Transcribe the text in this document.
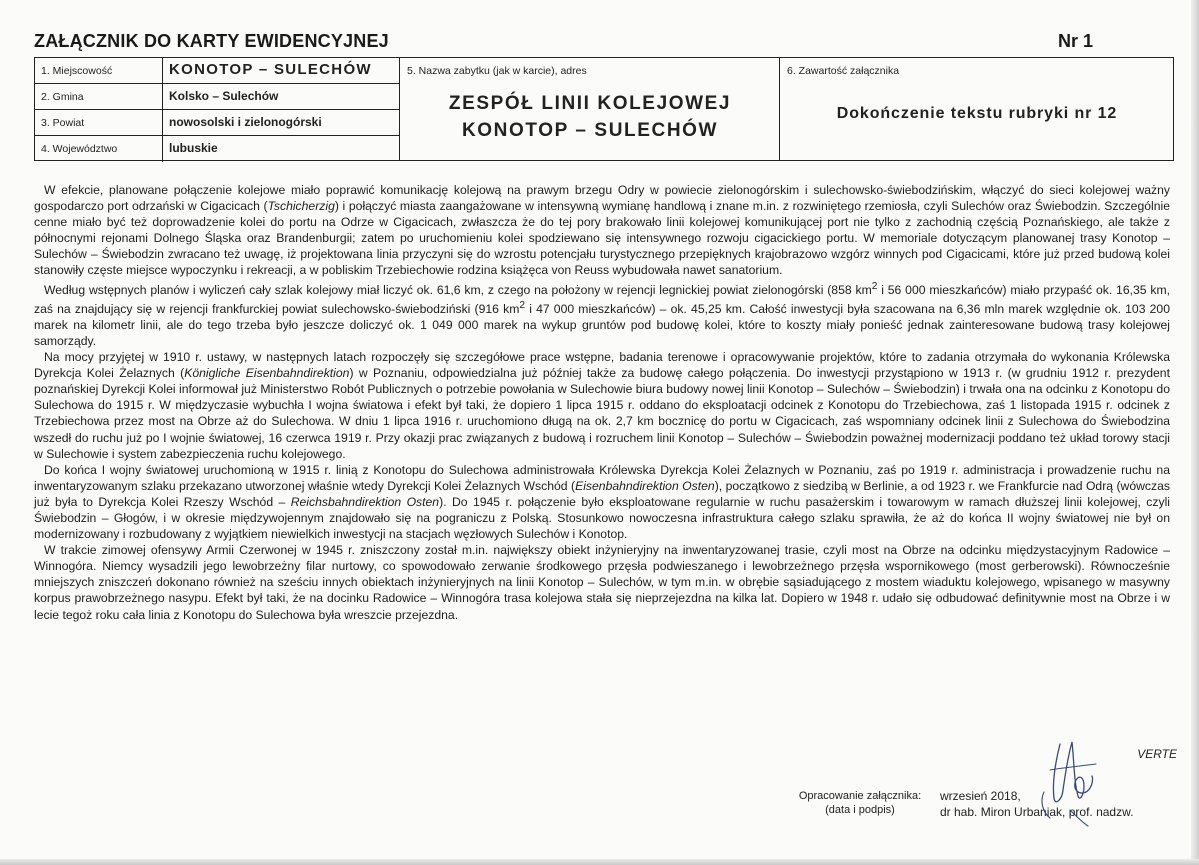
ZAŁĄCZNIK DO KARTY EWIDENCYJNEJ	Nr 1
1. Miejscowość	KONOTOP – SULECHÓW
2. Gmina	Kolsko – Sulechów
3. Powiat	nowosolski i zielonogórski
4. Województwo	lubuskie
5. Nazwa zabytku (jak w karcie), adres
ZESPÓŁ LINII KOLEJOWEJ
KONOTOP – SULECHÓW
6. Zawartość załącznika
Dokończenie tekstu rubryki nr 12

W efekcie, planowane połączenie kolejowe miało poprawić komunikację kolejową na prawym brzegu Odry w powiecie zielonogórskim i sulechowsko-świebodzińskim, włączyć do sieci kolejowej ważny gospodarczo port odrzański w Cigacicach (Tschicherzig) i połączyć miasta zaangażowane w intensywną wymianę handlową i znane m.in. z rozwiniętego rzemiosła, czyli Sulechów oraz Świebodzin. Szczególnie cenne miało być też doprowadzenie kolei do portu na Odrze w Cigacicach, zwłaszcza że do tej pory brakowało linii kolejowej komunikującej port nie tylko z zachodnią częścią Poznańskiego, ale także z północnymi rejonami Dolnego Śląska oraz Brandenburgii; zatem po uruchomieniu kolei spodziewano się intensywnego rozwoju cigacickiego portu. W memoriale dotyczącym planowanej trasy Konotop – Sulechów – Świebodzin zwracano też uwagę, iż projektowana linia przyczyni się do wzrostu potencjału turystycznego przepięknych krajobrazowo wzgórz winnych pod Cigacicami, które już przed budową kolei stanowiły częste miejsce wypoczynku i rekreacji, a w pobliskim Trzebiechowie rodzina książęca von Reuss wybudowała nawet sanatorium.

Według wstępnych planów i wyliczeń cały szlak kolejowy miał liczyć ok. 61,6 km, z czego na położony w rejencji legnickiej powiat zielonogórski (858 $km^2$ i 56 000 mieszkańców) miało przypaść ok. 16,35 km, zaś na znajdujący się w rejencji frankfurckiej powiat sulechowsko-świebodziński (916 $km^2$ i 47 000 mieszkańców) – ok. 45,25 km. Całość inwestycji była szacowana na 6,36 mln marek względnie ok. 103 200 marek na kilometr linii, ale do tego trzeba było jeszcze doliczyć ok. 1 049 000 marek na wykup gruntów pod budowę kolei, które to koszty miały ponieść jednak zainteresowane budową trasy kolejowej samorządy.

Na mocy przyjętej w 1910 r. ustawy, w następnych latach rozpoczęły się szczegółowe prace wstępne, badania terenowe i opracowywanie projektów, które to zadania otrzymała do wykonania Królewska Dyrekcja Kolei Żelaznych (Königliche Eisenbahndirektion) w Poznaniu, odpowiedzialna już później także za budowę całego połączenia. Do inwestycji przystąpiono w 1913 r. (w grudniu 1912 r. prezydent poznańskiej Dyrekcji Kolei informował już Ministerstwo Robót Publicznych o potrzebie powołania w Sulechowie biura budowy nowej linii Konotop – Sulechów – Świebodzin) i trwała ona na odcinku z Konotopu do Sulechowa do 1915 r. W międzyczasie wybuchła I wojna światowa i efekt był taki, że dopiero 1 lipca 1915 r. oddano do eksploatacji odcinek z Konotopu do Trzebiechowa, zaś 1 listopada 1915 r. odcinek z Trzebiechowa przez most na Obrze aż do Sulechowa. W dniu 1 lipca 1916 r. uruchomiono długą na ok. 2,7 km bocznicę do portu w Cigacicach, zaś wspomniany odcinek linii z Sulechowa do Świebodzina wszedł do ruchu już po I wojnie światowej, 16 czerwca 1919 r. Przy okazji prac związanych z budową i rozruchem linii Konotop – Sulechów – Świebodzin poważnej modernizacji poddano też układ torowy stacji w Sulechowie i system zabezpieczenia ruchu kolejowego.

Do końca I wojny światowej uruchomioną w 1915 r. linią z Konotopu do Sulechowa administrowała Królewska Dyrekcja Kolei Żelaznych w Poznaniu, zaś po 1919 r. administracja i prowadzenie ruchu na inwentaryzowanym szlaku przekazano utworzonej właśnie wtedy Dyrekcji Kolei Żelaznych Wschód (Eisenbahndirektion Osten), początkowo z siedzibą w Berlinie, a od 1923 r. we Frankfurcie nad Odrą (wówczas już była to Dyrekcja Kolei Rzeszy Wschód – Reichsbahndirektion Osten). Do 1945 r. połączenie było eksploatowane regularnie w ruchu pasażerskim i towarowym w ramach dłuższej linii kolejowej, czyli Świebodzin – Głogów, i w okresie międzywojennym znajdowało się na pograniczu z Polską. Stosunkowo nowoczesna infrastruktura całego szlaku sprawiła, że aż do końca II wojny światowej nie był on modernizowany i rozbudowany z wyjątkiem niewielkich inwestycji na stacjach węzłowych Sulechów i Konotop.

W trakcie zimowej ofensywy Armii Czerwonej w 1945 r. zniszczony został m.in. największy obiekt inżynieryjny na inwentaryzowanej trasie, czyli most na Obrze na odcinku międzystacyjnym Radowice – Winnogóra. Niemcy wysadzili jego lewobrzeżny filar nurtowy, co spowodowało zerwanie środkowego przęsła podwieszanego i lewobrzeżnego przęsła wspornikowego (most gerberowski). Równocześnie mniejszych zniszczeń dokonano również na sześciu innych obiektach inżynieryjnych na linii Konotop – Sulechów, w tym m.in. w obrębie sąsiadującego z mostem wiaduktu kolejowego, wpisanego w masywny korpus prawobrzeżnego nasypu. Efekt był taki, że na docinku Radowice – Winnogóra trasa kolejowa stała się nieprzejezdna na kilka lat. Dopiero w 1948 r. udało się odbudować definitywnie most na Obrze i w lecie tegoż roku cała linia z Konotopu do Sulechowa była wreszcie przejezdna.

VERTE
Opracowanie załącznika:
(data i podpis)
wrzesień 2018,
dr hab. Miron Urbaniak, prof. nadzw.
